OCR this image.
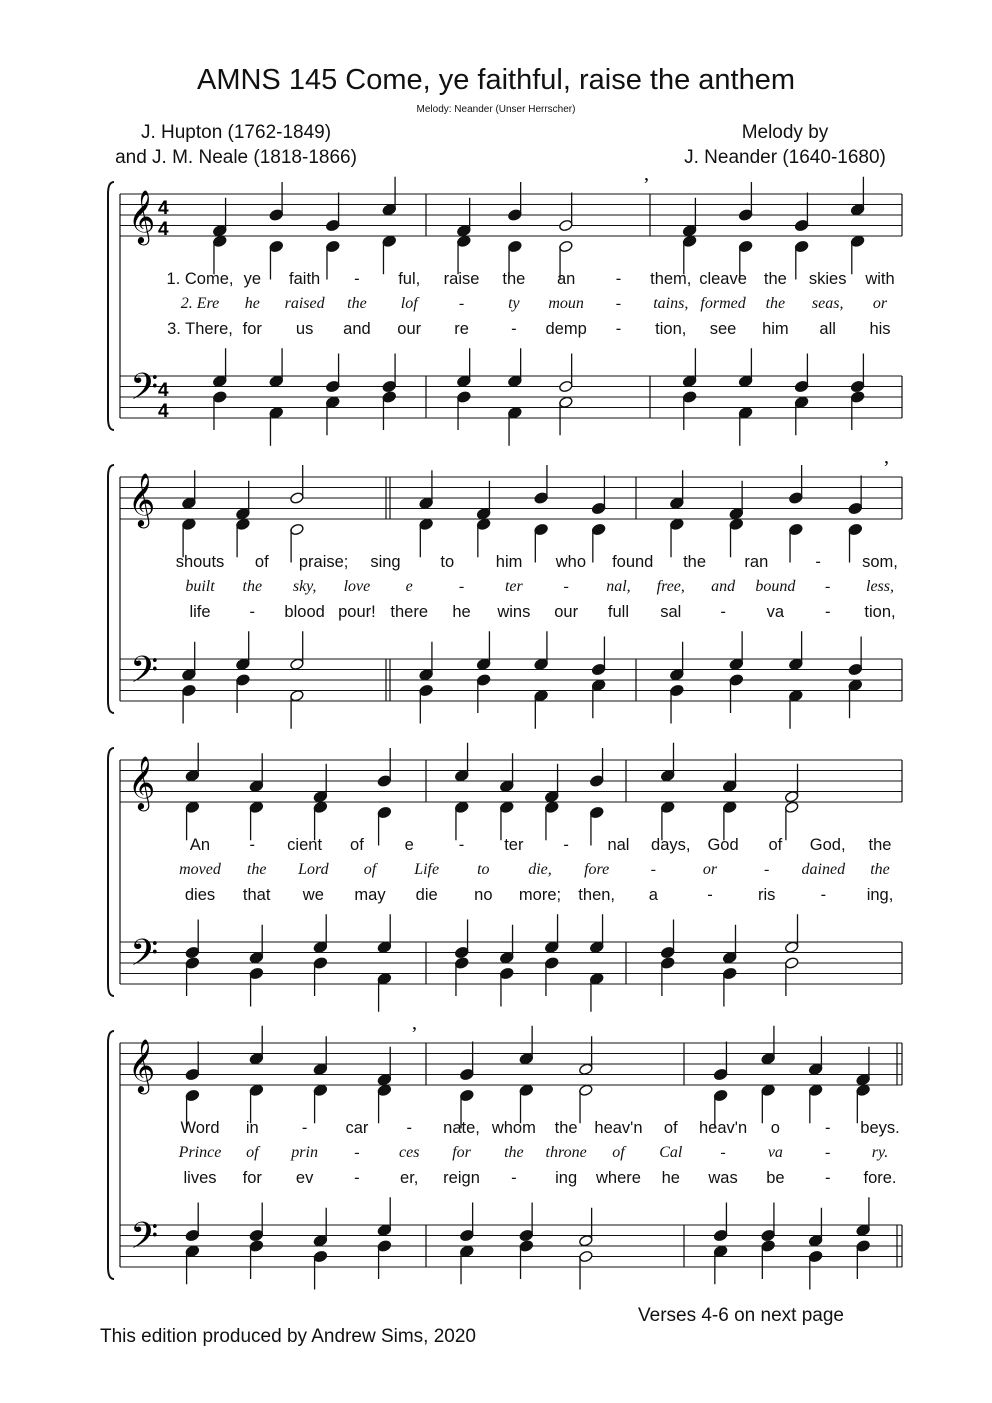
AMNS 145 Come, ye faithful, raise the anthem
Melody: Neander (Unser Herrscher)
J. Hupton (1762-1849)
and J. M. Neale (1818-1866)
Melody by
J. Neander (1640-1680)
𝄞
𝄢
4
4
4
4
,
𝄞
𝄢
,
𝄞
𝄢
𝄞
𝄢
,
1. Come, ye faith - ful, raise the an - them, cleave the skies with
2. Ere he raised the lof	-	ty moun - tains, formed the seas, or
3. There, for us and our re	- demp - tion, see him all his
shouts of praise; sing to	him who found the ran	- som,
built the sky, love e	-	ter	- nal, free, and bound - less,
life - blood pour! there he wins our full sal - va - tion,
An - cient of e	- ter - nal days, God of God, the
moved the Lord of Life to die, fore	-	or	- dained the
dies that we may die no more; then, a	-	ris	- ing,
Word in	- car - nate, whom the heav'n of heav'n o	- beys.
Prince of prin - ces for the throne of Cal -	va	-	ry.
lives for ev - er, reign - ing where he was be - fore.
Verses 4-6 on next page
This edition produced by Andrew Sims, 2020
